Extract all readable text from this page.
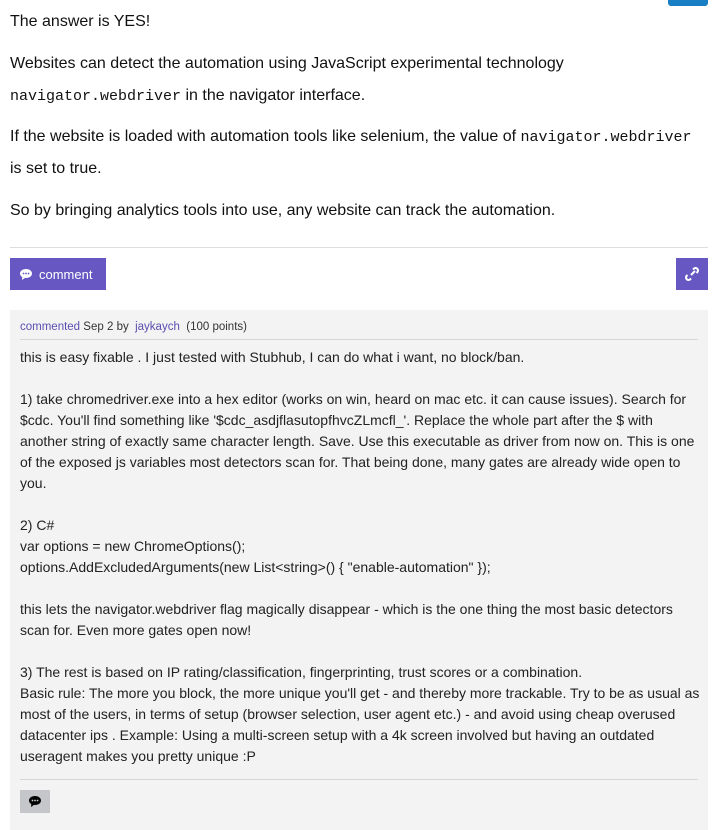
The answer is YES!

Websites can detect the automation using JavaScript experimental technology

navigator.webdriver in the navigator interface.

If the website is loaded with automation tools like selenium, the value of navigator.webdriver

is set to true.

So by bringing analytics tools into use, any website can track the automation.

comment
commented Sep 2 by jaykaych (100 points)

this is easy fixable . I just tested with Stubhub, I can do what i want, no block/ban.

1) take chromedriver.exe into a hex editor (works on win, heard on mac etc. it can cause issues). Search for $cdc. You'll find something like '$cdc_asdjflasutopfhvcZLmcfl_'. Replace the whole part after the $ with another string of exactly same character length. Save. Use this executable as driver from now on. This is one of the exposed js variables most detectors scan for. That being done, many gates are already wide open to you.

2) C#
var options = new ChromeOptions();

options.AddExcludedArguments(new List<string>() { "enable-automation" });

this lets the navigator.webdriver flag magically disappear - which is the one thing the most basic detectors scan for. Even more gates open now!

3) The rest is based on IP rating/classification, fingerprinting, trust scores or a combination.
Basic rule: The more you block, the more unique you'll get - and thereby more trackable. Try to be as usual as most of the users, in terms of setup (browser selection, user agent etc.) - and avoid using cheap overused datacenter ips . Example: Using a multi-screen setup with a 4k screen involved but having an outdated useragent makes you pretty unique :P
